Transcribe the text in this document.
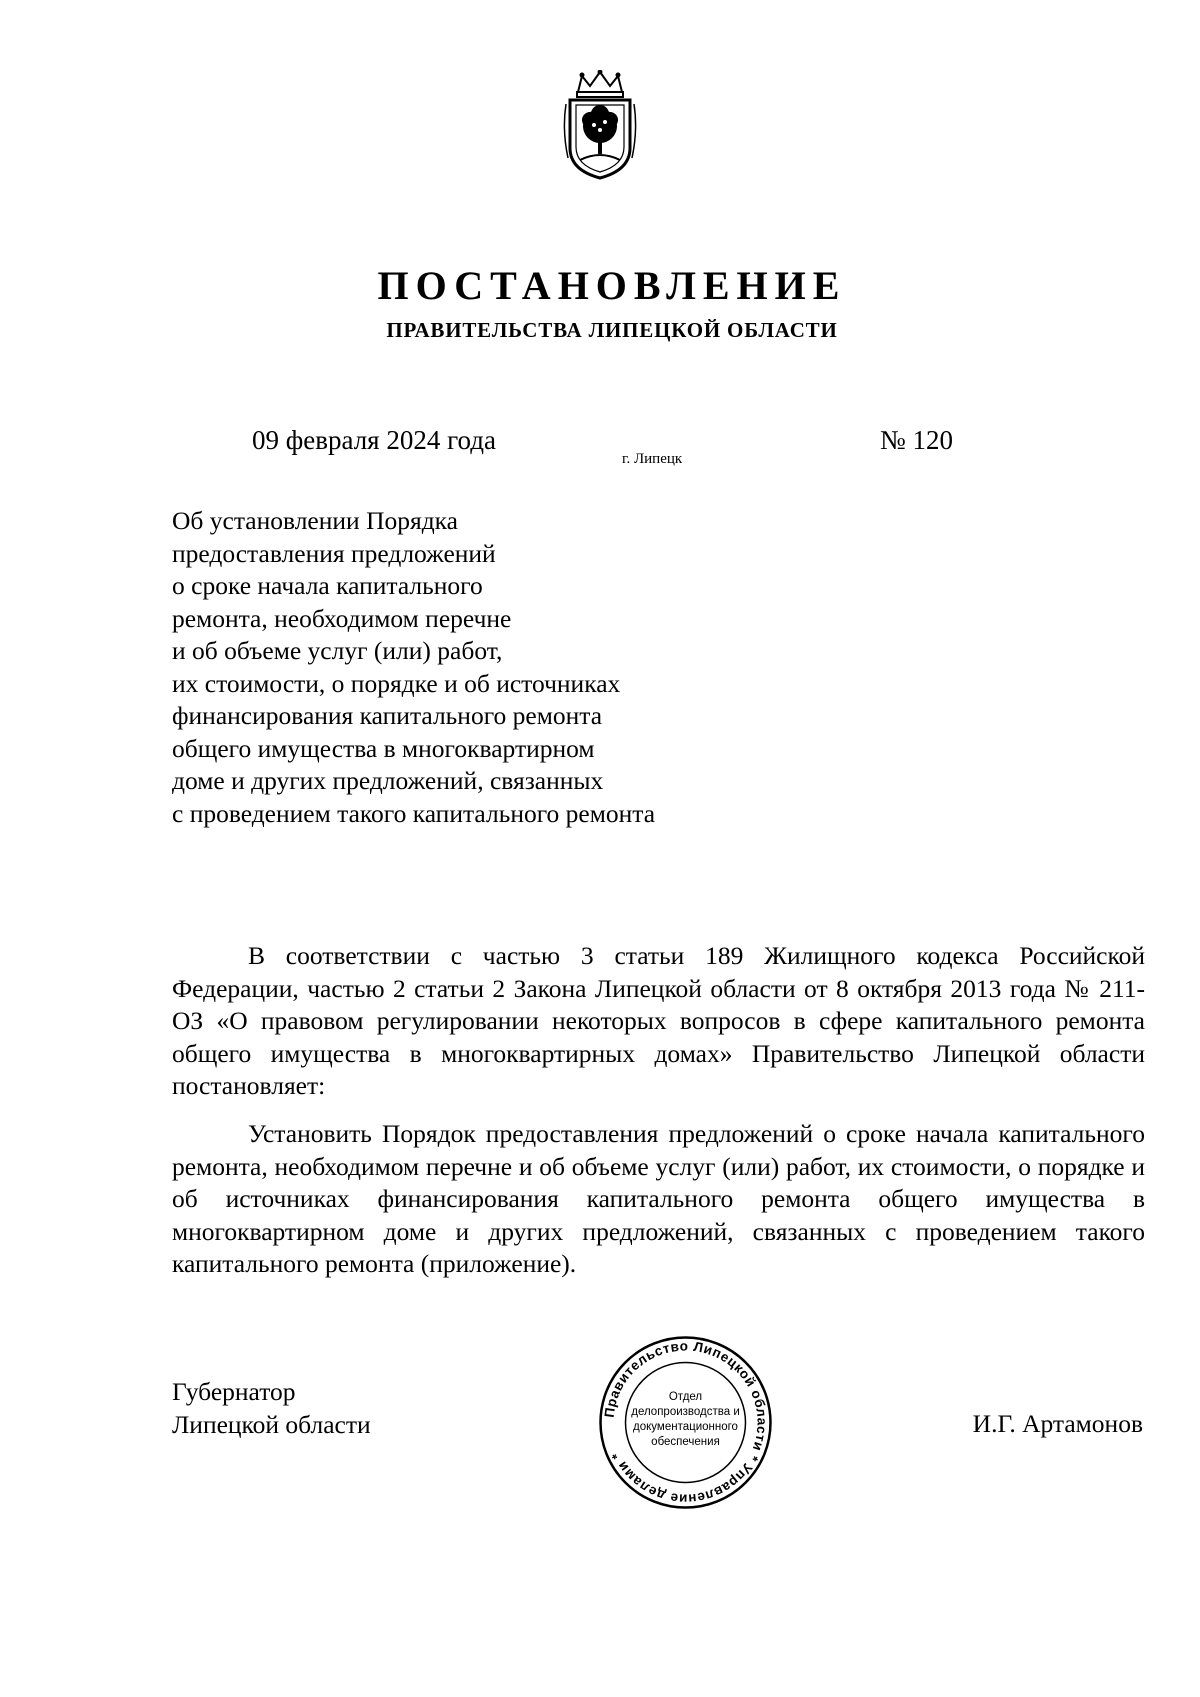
ПОСТАНОВЛЕНИЕ
ПРАВИТЕЛЬСТВА ЛИПЕЦКОЙ ОБЛАСТИ
09 февраля 2024 года
г. Липецк
№ 120
Об установлении Порядка
предоставления предложений
о сроке начала капитального
ремонта, необходимом перечне
и об объеме услуг (или) работ,
их стоимости, о порядке и об источниках
финансирования капитального ремонта
общего имущества в многоквартирном
доме и других предложений, связанных
с проведением такого капитального ремонта

В соответствии с частью 3 статьи 189 Жилищного кодекса Российской Федерации, частью 2 статьи 2 Закона Липецкой области от 8 октября 2013 года № 211-ОЗ «О правовом регулировании некоторых вопросов в сфере капитального ремонта общего имущества в многоквартирных домах» Правительство Липецкой области постановляет:

Установить Порядок предоставления предложений о сроке начала капитального ремонта, необходимом перечне и об объеме услуг (или) работ, их стоимости, о порядке и об источниках финансирования капитального ремонта общего имущества в многоквартирном доме и других предложений, связанных с проведением такого капитального ремонта (приложение).

Губернатор
Липецкой области	Правительство Липецкой области * Управление делами *
Отдел
делопроизводства и
документационного
обеспечения
И.Г. Артамонов
